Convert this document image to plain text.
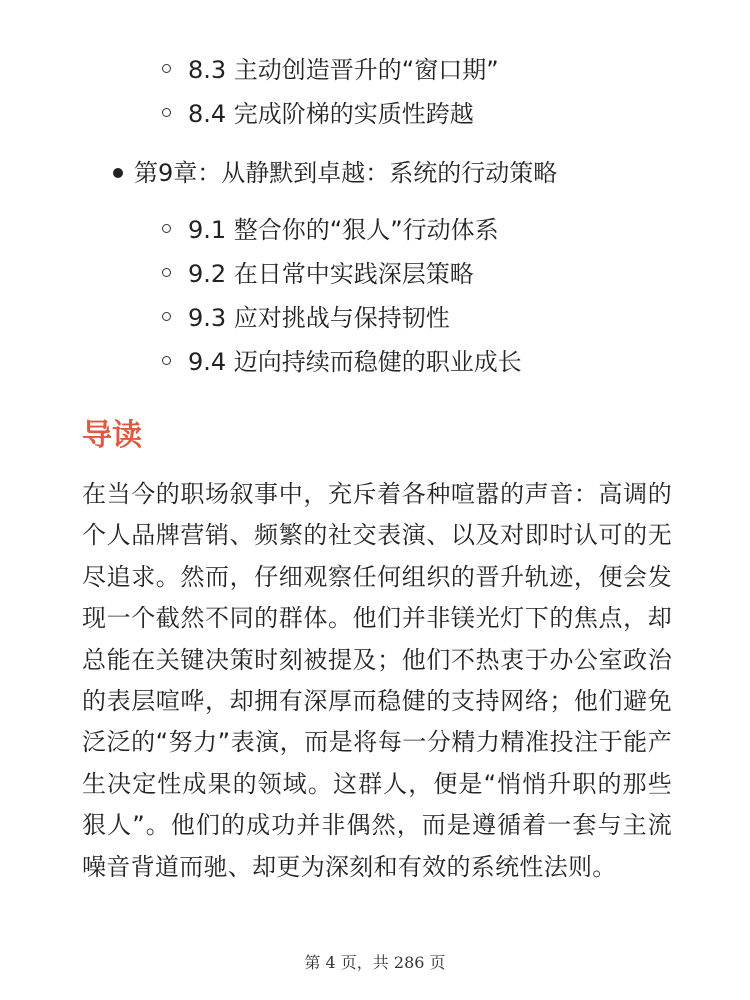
8.3 主动创造晋升的“窗口期”
8.4 完成阶梯的实质性跨越
第9章：从静默到卓越：系统的行动策略
9.1 整合你的“狠人”行动体系
9.2 在日常中实践深层策略
9.3 应对挑战与保持韧性
9.4 迈向持续而稳健的职业成长
导读

在当今的职场叙事中，充斥着各种喧嚣的声音：高调的个人品牌营销、频繁的社交表演、以及对即时认可的无尽追求。然而，仔细观察任何组织的晋升轨迹，便会发现一个截然不同的群体。他们并非镁光灯下的焦点，却总能在关键决策时刻被提及；他们不热衷于办公室政治的表层喧哗，却拥有深厚而稳健的支持网络；他们避免泛泛的“努力”表演，而是将每一分精力精准投注于能产生决定性成果的领域。这群人，便是“悄悄升职的那些狠人”。他们的成功并非偶然，而是遵循着一套与主流噪音背道而驰、却更为深刻和有效的系统性法则。

第 4 页，共 286 页
